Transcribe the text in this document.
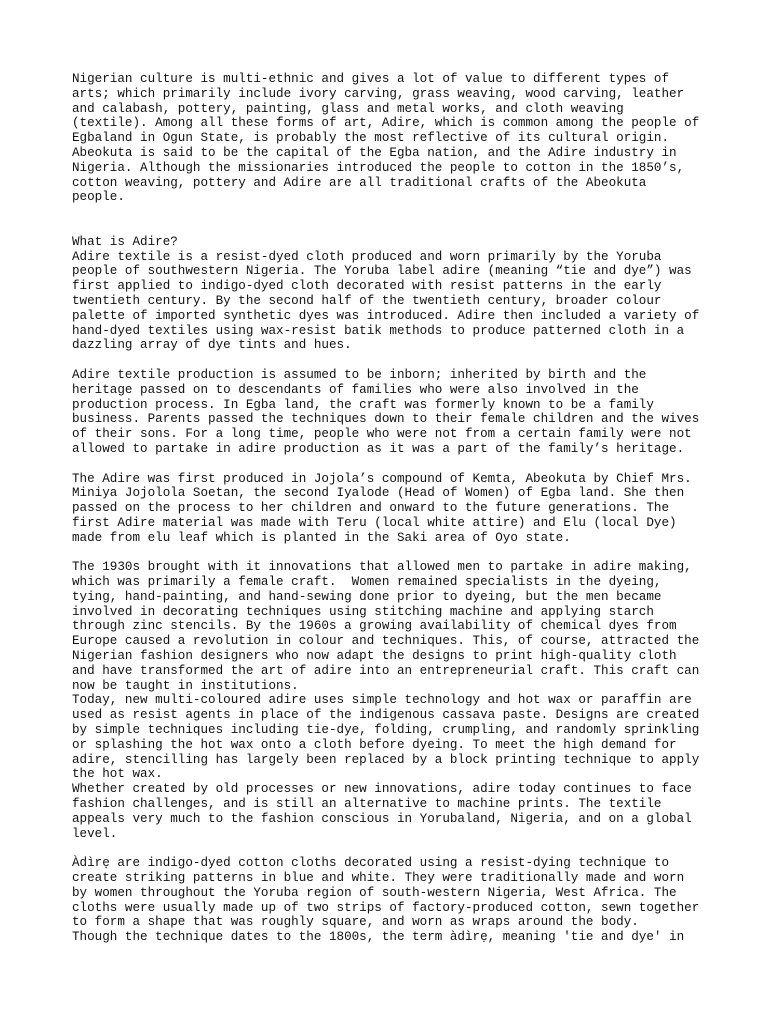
Nigerian culture is multi-ethnic and gives a lot of value to different types of
arts; which primarily include ivory carving, grass weaving, wood carving, leather
and calabash, pottery, painting, glass and metal works, and cloth weaving
(textile). Among all these forms of art, Adire, which is common among the people of
Egbaland in Ogun State, is probably the most reflective of its cultural origin.
Abeokuta is said to be the capital of the Egba nation, and the Adire industry in
Nigeria. Although the missionaries introduced the people to cotton in the 1850’s,
cotton weaving, pottery and Adire are all traditional crafts of the Abeokuta
people.
What is Adire?
Adire textile is a resist-dyed cloth produced and worn primarily by the Yoruba
people of southwestern Nigeria. The Yoruba label adire (meaning “tie and dye”) was
first applied to indigo-dyed cloth decorated with resist patterns in the early
twentieth century. By the second half of the twentieth century, broader colour
palette of imported synthetic dyes was introduced. Adire then included a variety of
hand-dyed textiles using wax-resist batik methods to produce patterned cloth in a
dazzling array of dye tints and hues.
Adire textile production is assumed to be inborn; inherited by birth and the
heritage passed on to descendants of families who were also involved in the
production process. In Egba land, the craft was formerly known to be a family
business. Parents passed the techniques down to their female children and the wives
of their sons. For a long time, people who were not from a certain family were not
allowed to partake in adire production as it was a part of the family’s heritage.
The Adire was first produced in Jojola’s compound of Kemta, Abeokuta by Chief Mrs.
Miniya Jojolola Soetan, the second Iyalode (Head of Women) of Egba land. She then
passed on the process to her children and onward to the future generations. The
first Adire material was made with Teru (local white attire) and Elu (local Dye)
made from elu leaf which is planted in the Saki area of Oyo state.
The 1930s brought with it innovations that allowed men to partake in adire making,
which was primarily a female craft.  Women remained specialists in the dyeing,
tying, hand-painting, and hand-sewing done prior to dyeing, but the men became
involved in decorating techniques using stitching machine and applying starch
through zinc stencils. By the 1960s a growing availability of chemical dyes from
Europe caused a revolution in colour and techniques. This, of course, attracted the
Nigerian fashion designers who now adapt the designs to print high-quality cloth
and have transformed the art of adire into an entrepreneurial craft. This craft can
now be taught in institutions.
Today, new multi-coloured adire uses simple technology and hot wax or paraffin are
used as resist agents in place of the indigenous cassava paste. Designs are created
by simple techniques including tie-dye, folding, crumpling, and randomly sprinkling
or splashing the hot wax onto a cloth before dyeing. To meet the high demand for
adire, stencilling has largely been replaced by a block printing technique to apply
the hot wax.
Whether created by old processes or new innovations, adire today continues to face
fashion challenges, and is still an alternative to machine prints. The textile
appeals very much to the fashion conscious in Yorubaland, Nigeria, and on a global
level.
Àdìrẹ are indigo-dyed cotton cloths decorated using a resist-dying technique to
create striking patterns in blue and white. They were traditionally made and worn
by women throughout the Yoruba region of south-western Nigeria, West Africa. The
cloths were usually made up of two strips of factory-produced cotton, sewn together
to form a shape that was roughly square, and worn as wraps around the body.
Though the technique dates to the 1800s, the term àdìrẹ, meaning 'tie and dye' in
